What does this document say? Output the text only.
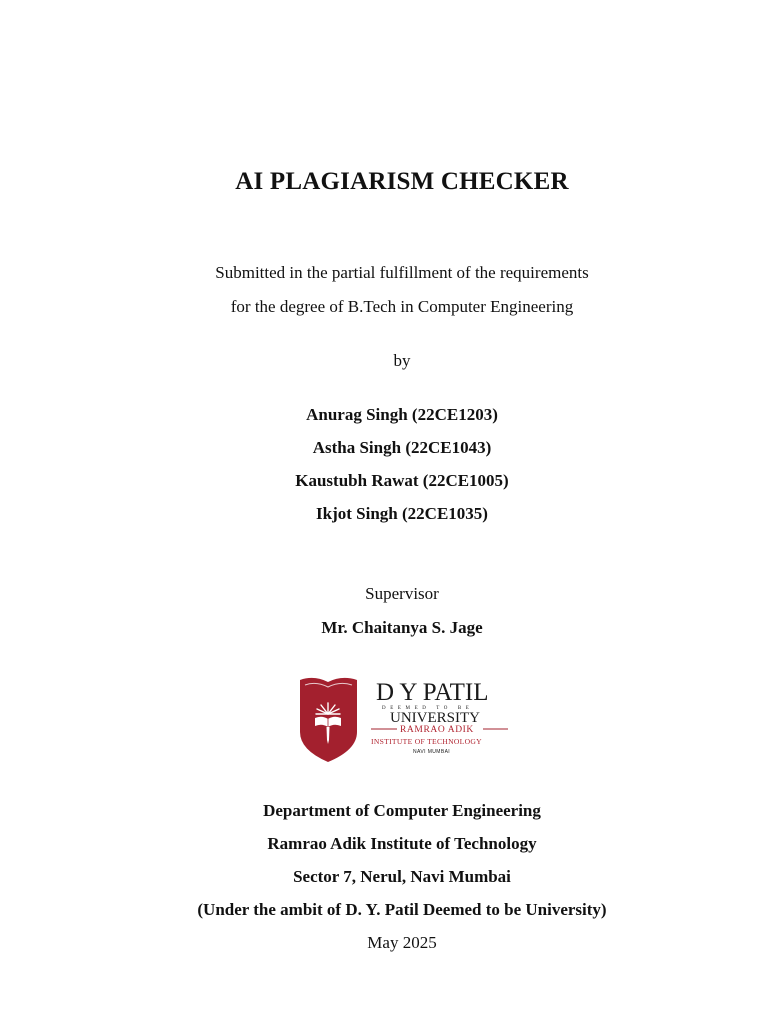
AI PLAGIARISM CHECKER
Submitted in the partial fulfillment of the requirements
for the degree of B.Tech in Computer Engineering
by
Anurag Singh (22CE1203)
Astha Singh (22CE1043)
Kaustubh Rawat (22CE1005)
Ikjot Singh (22CE1035)
Supervisor
Mr. Chaitanya S. Jage
D Y PATIL
DEEMED TO BE
UNIVERSITY
RAMRAO ADIK
INSTITUTE OF TECHNOLOGY
NAVI MUMBAI
Department of Computer Engineering
Ramrao Adik Institute of Technology
Sector 7, Nerul, Navi Mumbai
(Under the ambit of D. Y. Patil Deemed to be University)
May 2025
